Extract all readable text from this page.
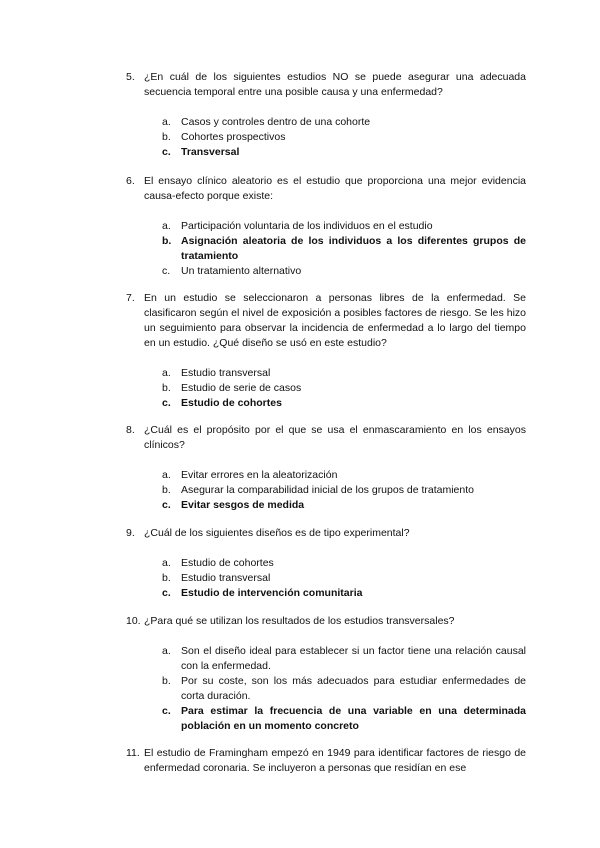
5. ¿En cuál de los siguientes estudios NO se puede asegurar una adecuada secuencia temporal entre una posible causa y una enfermedad?
a. Casos y controles dentro de una cohorte
b. Cohortes prospectivos
c. Transversal
6. El ensayo clínico aleatorio es el estudio que proporciona una mejor evidencia causa-efecto porque existe:
a. Participación voluntaria de los individuos en el estudio
b. Asignación aleatoria de los individuos a los diferentes grupos de tratamiento
c. Un tratamiento alternativo
7. En un estudio se seleccionaron a personas libres de la enfermedad. Se clasificaron según el nivel de exposición a posibles factores de riesgo. Se les hizo un seguimiento para observar la incidencia de enfermedad a lo largo del tiempo en un estudio. ¿Qué diseño se usó en este estudio?
a. Estudio transversal
b. Estudio de serie de casos
c. Estudio de cohortes
8. ¿Cuál es el propósito por el que se usa el enmascaramiento en los ensayos clínicos?
a. Evitar errores en la aleatorización
b. Asegurar la comparabilidad inicial de los grupos de tratamiento
c. Evitar sesgos de medida
9. ¿Cuál de los siguientes diseños es de tipo experimental?
a. Estudio de cohortes
b. Estudio transversal
c. Estudio de intervención comunitaria
10. ¿Para qué se utilizan los resultados de los estudios transversales?
a. Son el diseño ideal para establecer si un factor tiene una relación causal con la enfermedad.
b. Por su coste, son los más adecuados para estudiar enfermedades de corta duración.
c. Para estimar la frecuencia de una variable en una determinada población en un momento concreto
11. El estudio de Framingham empezó en 1949 para identificar factores de riesgo de enfermedad coronaria. Se incluyeron a personas que residían en ese
